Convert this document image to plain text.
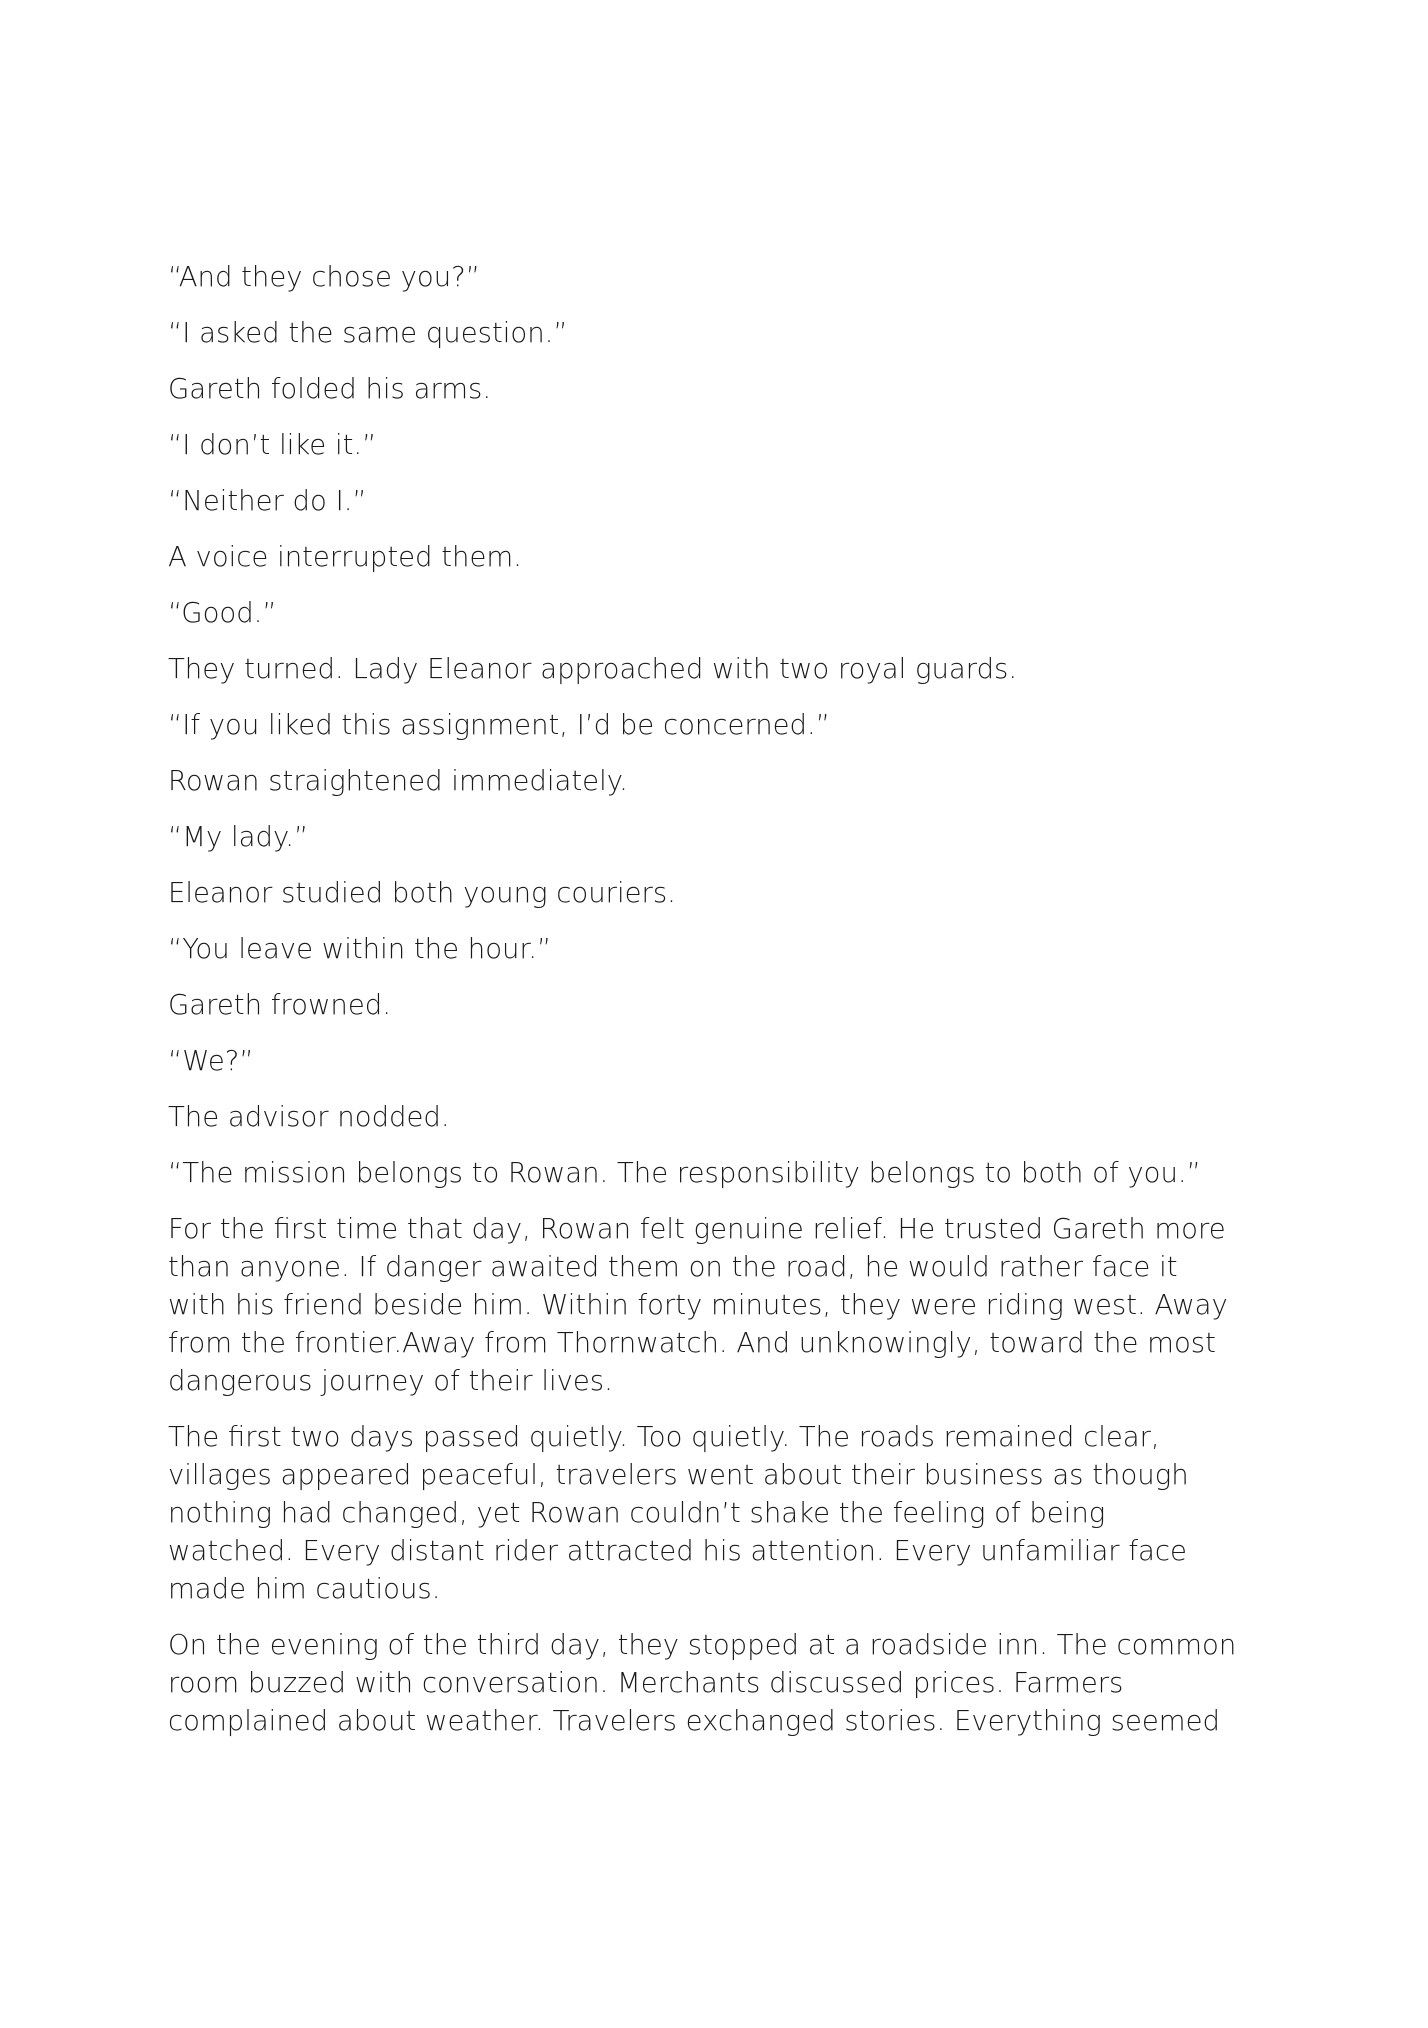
“And they chose you?”

“I asked the same question.”

Gareth folded his arms.

“I don’t like it.”

“Neither do I.”

A voice interrupted them.

“Good.”

They turned. Lady Eleanor approached with two royal guards.

“If you liked this assignment, I’d be concerned.”

Rowan straightened immediately.

“My lady.”

Eleanor studied both young couriers.

“You leave within the hour.”

Gareth frowned.

“We?”

The advisor nodded.

“The mission belongs to Rowan. The responsibility belongs to both of you.”

For the first time that day, Rowan felt genuine relief. He trusted Gareth more
than anyone. If danger awaited them on the road, he would rather face it
with his friend beside him. Within forty minutes, they were riding west. Away
from the frontier.Away from Thornwatch. And unknowingly, toward the most
dangerous journey of their lives.

The first two days passed quietly. Too quietly. The roads remained clear,
villages appeared peaceful, travelers went about their business as though
nothing had changed, yet Rowan couldn’t shake the feeling of being
watched. Every distant rider attracted his attention. Every unfamiliar face
made him cautious.

On the evening of the third day, they stopped at a roadside inn. The common
room buzzed with conversation. Merchants discussed prices. Farmers
complained about weather. Travelers exchanged stories. Everything seemed
